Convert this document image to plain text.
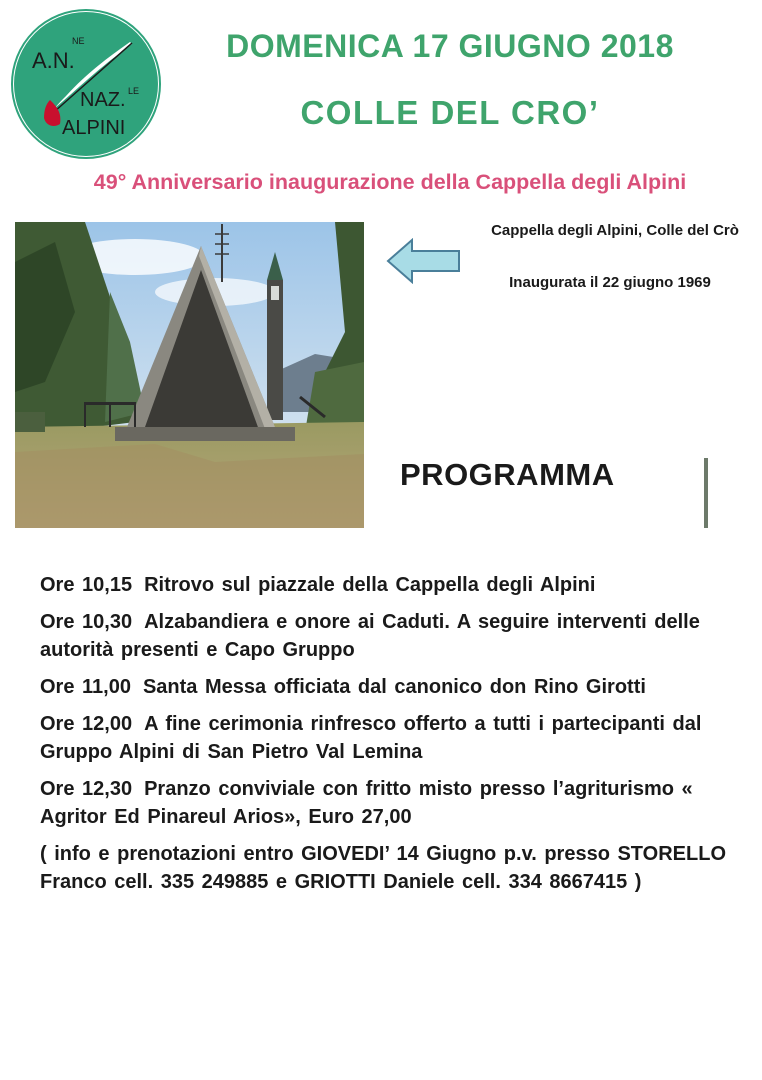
A.N.
NE
NAZ. LE
ALPINI
DOMENICA 17 GIUGNO 2018
COLLE DEL CRO’
49° Anniversario inaugurazione della Cappella degli Alpini
Cappella degli Alpini, Colle del Crò
Inaugurata il 22 giugno 1969
PROGRAMMA
Ore 10,15 Ritrovo sul piazzale della Cappella degli Alpini
Ore 10,30 Alzabandiera e onore ai Caduti. A seguire interventi delle autorità presenti e Capo Gruppo
Ore 11,00 Santa Messa officiata dal canonico don Rino Girotti
Ore 12,00 A fine cerimonia rinfresco offerto a tutti i partecipanti dal Gruppo Alpini di San Pietro Val Lemina
Ore 12,30 Pranzo conviviale con fritto misto presso l’agriturismo « Agritor Ed Pinareul Arios», Euro 27,00
( info e prenotazioni entro GIOVEDI’ 14 Giugno p.v. presso STORELLO Franco cell. 335 249885 e GRIOTTI Daniele cell. 334 8667415 )
